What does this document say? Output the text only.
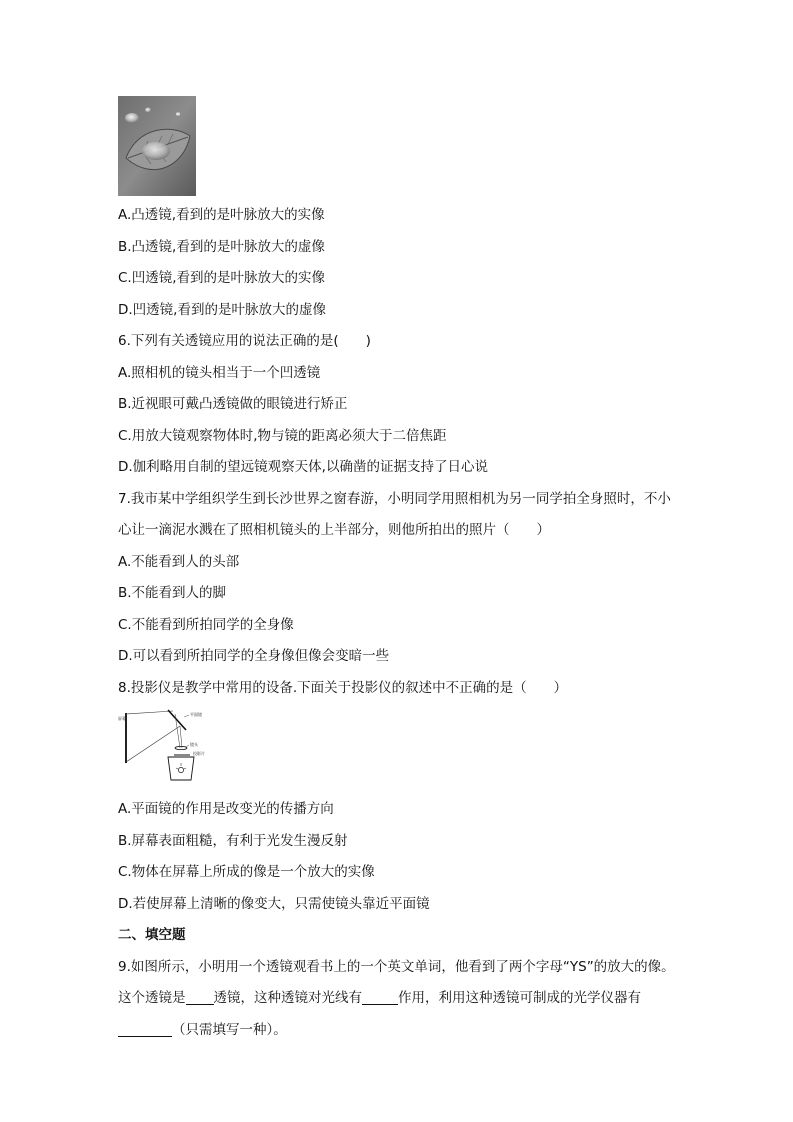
A.凸透镜,看到的是叶脉放大的实像
B.凸透镜,看到的是叶脉放大的虚像
C.凹透镜,看到的是叶脉放大的实像
D.凹透镜,看到的是叶脉放大的虚像
6.下列有关透镜应用的说法正确的是(　　)
A.照相机的镜头相当于一个凹透镜
B.近视眼可戴凸透镜做的眼镜进行矫正
C.用放大镜观察物体时,物与镜的距离必须大于二倍焦距
D.伽利略用自制的望远镜观察天体,以确凿的证据支持了日心说
7.我市某中学组织学生到长沙世界之窗春游，小明同学用照相机为另一同学拍全身照时，不小
心让一滴泥水溅在了照相机镜头的上半部分，则他所拍出的照片（　　）
A.不能看到人的头部
B.不能看到人的脚
C.不能看到所拍同学的全身像
D.可以看到所拍同学的全身像但像会变暗一些
8.投影仪是教学中常用的设备.下面关于投影仪的叙述中不正确的是（　　）
屏幕
平面镜
镜头
投影片
A.平面镜的作用是改变光的传播方向
B.屏幕表面粗糙，有利于光发生漫反射
C.物体在屏幕上所成的像是一个放大的实像
D.若使屏幕上清晰的像变大，只需使镜头靠近平面镜
二、填空题
9.如图所示，小明用一个透镜观看书上的一个英文单词，他看到了两个字母“YS”的放大的像。
这个透镜是 透镜，这种透镜对光线有	作用，利用这种透镜可制成的光学仪器有
（只需填写一种）。
